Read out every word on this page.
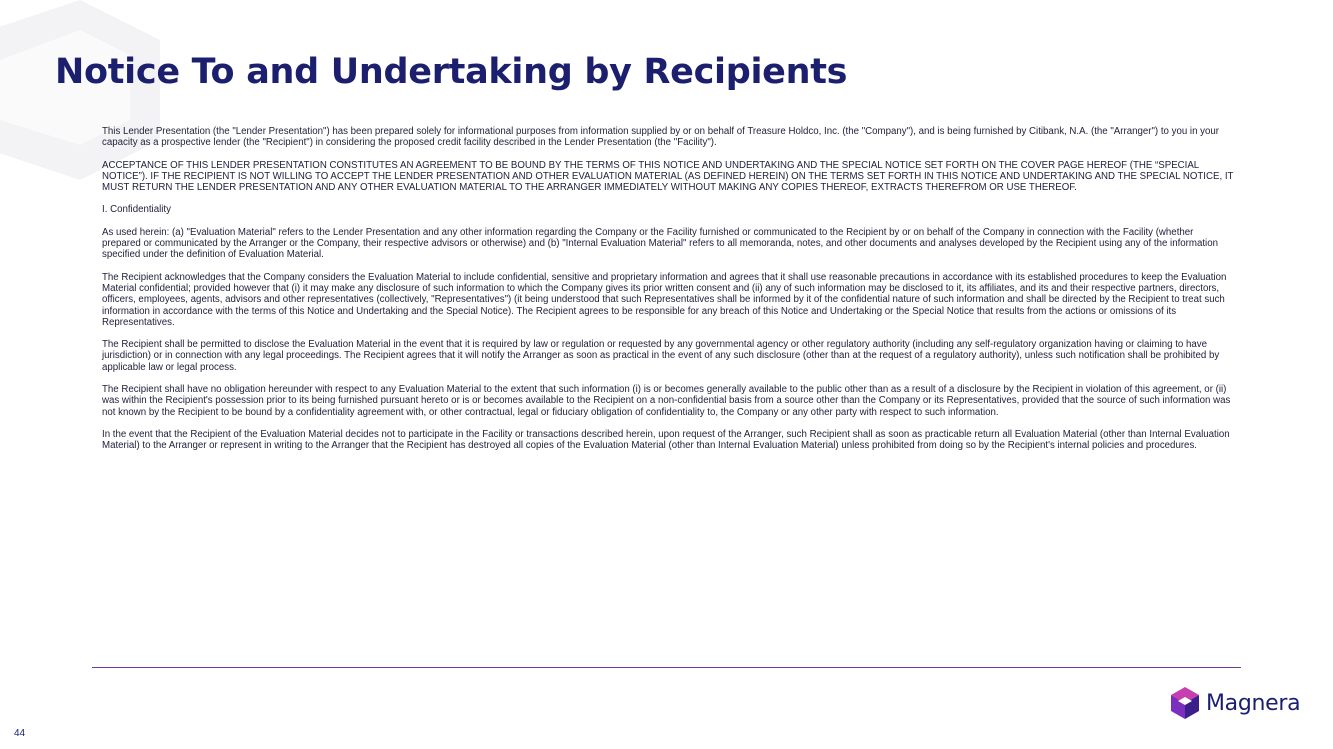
Notice To and Undertaking by Recipients

This Lender Presentation (the "Lender Presentation") has been prepared solely for informational purposes from information supplied by or on behalf of Treasure Holdco, Inc. (the "Company"), and is being furnished by Citibank, N.A. (the "Arranger") to you in your capacity as a prospective lender (the "Recipient") in considering the proposed credit facility described in the Lender Presentation (the "Facility").

ACCEPTANCE OF THIS LENDER PRESENTATION CONSTITUTES AN AGREEMENT TO BE BOUND BY THE TERMS OF THIS NOTICE AND UNDERTAKING AND THE SPECIAL NOTICE SET FORTH ON THE COVER PAGE HEREOF (THE “SPECIAL NOTICE”). IF THE RECIPIENT IS NOT WILLING TO ACCEPT THE LENDER PRESENTATION AND OTHER EVALUATION MATERIAL (AS DEFINED HEREIN) ON THE TERMS SET FORTH IN THIS NOTICE AND UNDERTAKING AND THE SPECIAL NOTICE, IT MUST RETURN THE LENDER PRESENTATION AND ANY OTHER EVALUATION MATERIAL TO THE ARRANGER IMMEDIATELY WITHOUT MAKING ANY COPIES THEREOF, EXTRACTS THEREFROM OR USE THEREOF.

I. Confidentiality

As used herein: (a) "Evaluation Material" refers to the Lender Presentation and any other information regarding the Company or the Facility furnished or communicated to the Recipient by or on behalf of the Company in connection with the Facility (whether prepared or communicated by the Arranger or the Company, their respective advisors or otherwise) and (b) "Internal Evaluation Material" refers to all memoranda, notes, and other documents and analyses developed by the Recipient using any of the information specified under the definition of Evaluation Material.

The Recipient acknowledges that the Company considers the Evaluation Material to include confidential, sensitive and proprietary information and agrees that it shall use reasonable precautions in accordance with its established procedures to keep the Evaluation Material confidential; provided however that (i) it may make any disclosure of such information to which the Company gives its prior written consent and (ii) any of such information may be disclosed to it, its affiliates, and its and their respective partners, directors, officers, employees, agents, advisors and other representatives (collectively, "Representatives") (it being understood that such Representatives shall be informed by it of the confidential nature of such information and shall be directed by the Recipient to treat such information in accordance with the terms of this Notice and Undertaking and the Special Notice). The Recipient agrees to be responsible for any breach of this Notice and Undertaking or the Special Notice that results from the actions or omissions of its Representatives.

The Recipient shall be permitted to disclose the Evaluation Material in the event that it is required by law or regulation or requested by any governmental agency or other regulatory authority (including any self-regulatory organization having or claiming to have jurisdiction) or in connection with any legal proceedings. The Recipient agrees that it will notify the Arranger as soon as practical in the event of any such disclosure (other than at the request of a regulatory authority), unless such notification shall be prohibited by applicable law or legal process.

The Recipient shall have no obligation hereunder with respect to any Evaluation Material to the extent that such information (i) is or becomes generally available to the public other than as a result of a disclosure by the Recipient in violation of this agreement, or (ii) was within the Recipient's possession prior to its being furnished pursuant hereto or is or becomes available to the Recipient on a non-confidential basis from a source other than the Company or its Representatives, provided that the source of such information was not known by the Recipient to be bound by a confidentiality agreement with, or other contractual, legal or fiduciary obligation of confidentiality to, the Company or any other party with respect to such information.

In the event that the Recipient of the Evaluation Material decides not to participate in the Facility or transactions described herein, upon request of the Arranger, such Recipient shall as soon as practicable return all Evaluation Material (other than Internal Evaluation Material) to the Arranger or represent in writing to the Arranger that the Recipient has destroyed all copies of the Evaluation Material (other than Internal Evaluation Material) unless prohibited from doing so by the Recipient's internal policies and procedures.

44
Magnera
